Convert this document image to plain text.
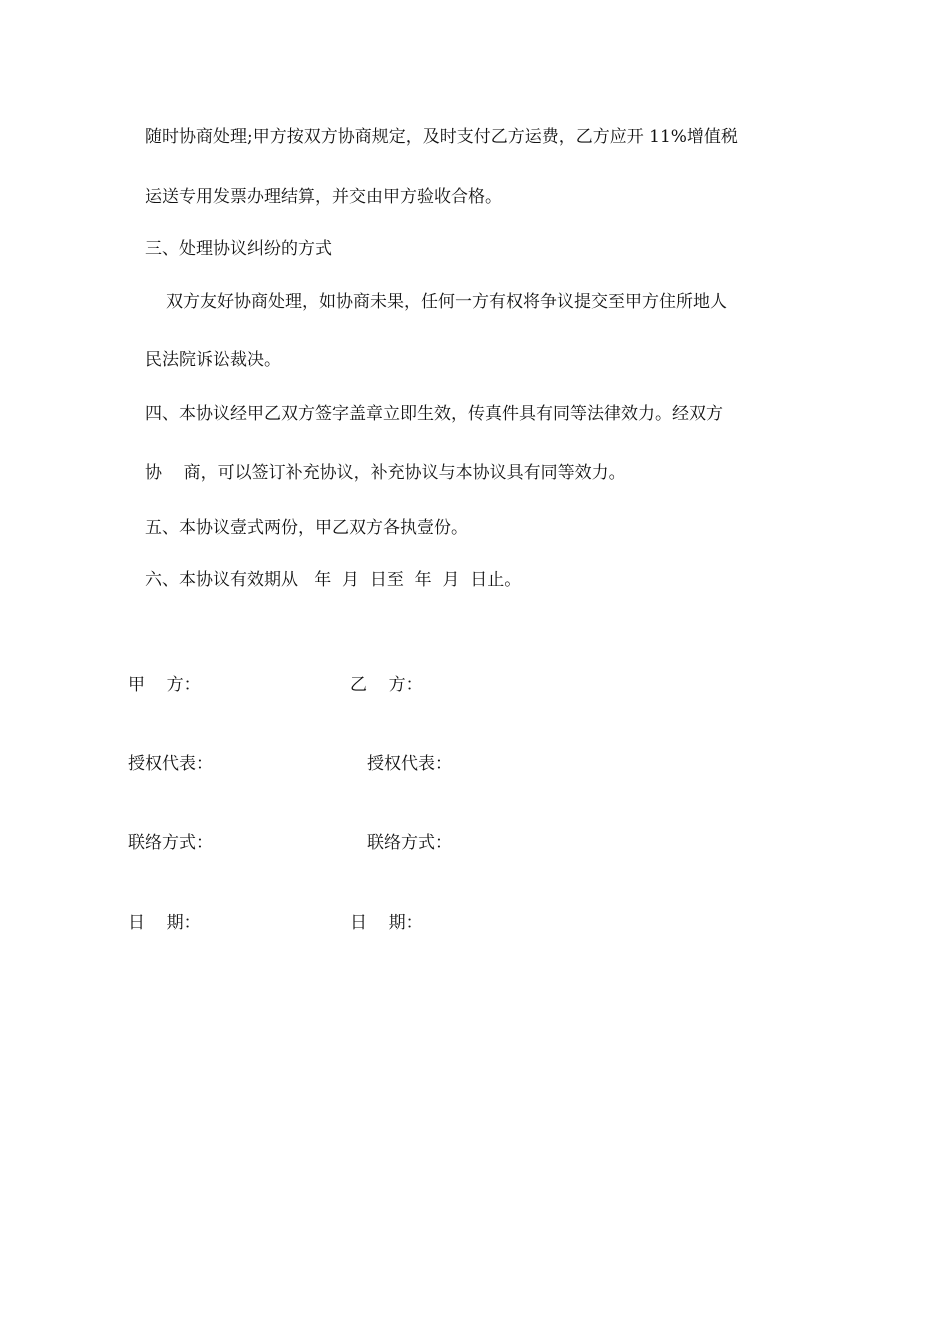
随时协商处理;甲方按双方协商规定，及时支付乙方运费，乙方应开 11%增值税

运送专用发票办理结算，并交由甲方验收合格。

三、处理协议纠纷的方式

双方友好协商处理，如协商未果，任何一方有权将争议提交至甲方住所地人

民法院诉讼裁决。

四、本协议经甲乙双方签字盖章立即生效，传真件具有同等法律效力。经双方

协    商，可以签订补充协议，补充协议与本协议具有同等效力。

五、本协议壹式两份，甲乙双方各执壹份。

六、本协议有效期从   年  月  日至  年  月  日止。

甲    方：	乙    方：
授权代表：	授权代表：
联络方式：	联络方式：
日    期：	日    期：
